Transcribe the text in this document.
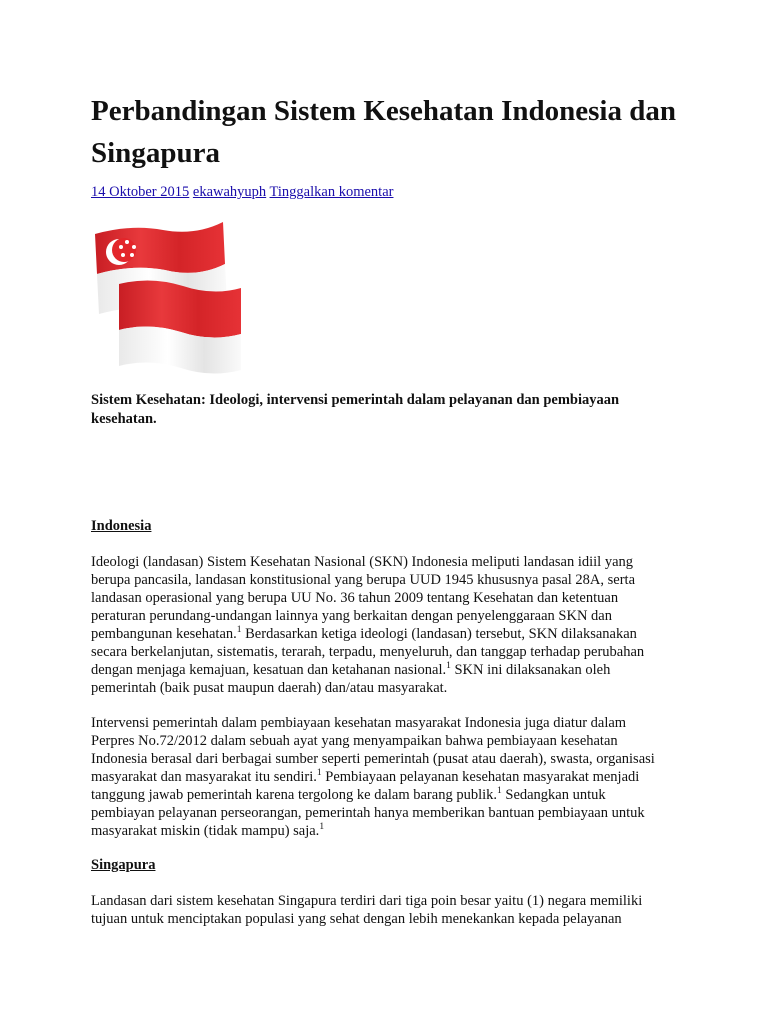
Perbandingan Sistem Kesehatan Indonesia dan Singapura
14 Oktober 2015 ekawahyuph Tinggalkan komentar
Sistem Kesehatan: Ideologi, intervensi pemerintah dalam pelayanan dan pembiayaan kesehatan.
Indonesia
Ideologi (landasan) Sistem Kesehatan Nasional (SKN) Indonesia meliputi landasan idiil yang
berupa pancasila, landasan konstitusional yang berupa UUD 1945 khususnya pasal 28A, serta
landasan operasional yang berupa UU No. 36 tahun 2009 tentang Kesehatan dan ketentuan
peraturan perundang-undangan lainnya yang berkaitan dengan penyelenggaraan SKN dan
pembangunan kesehatan.$^1$ Berdasarkan ketiga ideologi (landasan) tersebut, SKN dilaksanakan
secara berkelanjutan, sistematis, terarah, terpadu, menyeluruh, dan tanggap terhadap perubahan
dengan menjaga kemajuan, kesatuan dan ketahanan nasional.$^1$ SKN ini dilaksanakan oleh
pemerintah (baik pusat maupun daerah) dan/atau masyarakat.
Intervensi pemerintah dalam pembiayaan kesehatan masyarakat Indonesia juga diatur dalam
Perpres No.72/2012 dalam sebuah ayat yang menyampaikan bahwa pembiayaan kesehatan
Indonesia berasal dari berbagai sumber seperti pemerintah (pusat atau daerah), swasta, organisasi
masyarakat dan masyarakat itu sendiri.$^1$ Pembiayaan pelayanan kesehatan masyarakat menjadi
tanggung jawab pemerintah karena tergolong ke dalam barang publik.$^1$ Sedangkan untuk
pembiayan pelayanan perseorangan, pemerintah hanya memberikan bantuan pembiayaan untuk
masyarakat miskin (tidak mampu) saja.$^1$
Singapura
Landasan dari sistem kesehatan Singapura terdiri dari tiga poin besar yaitu (1) negara memiliki
tujuan untuk menciptakan populasi yang sehat dengan lebih menekankan kepada pelayanan
